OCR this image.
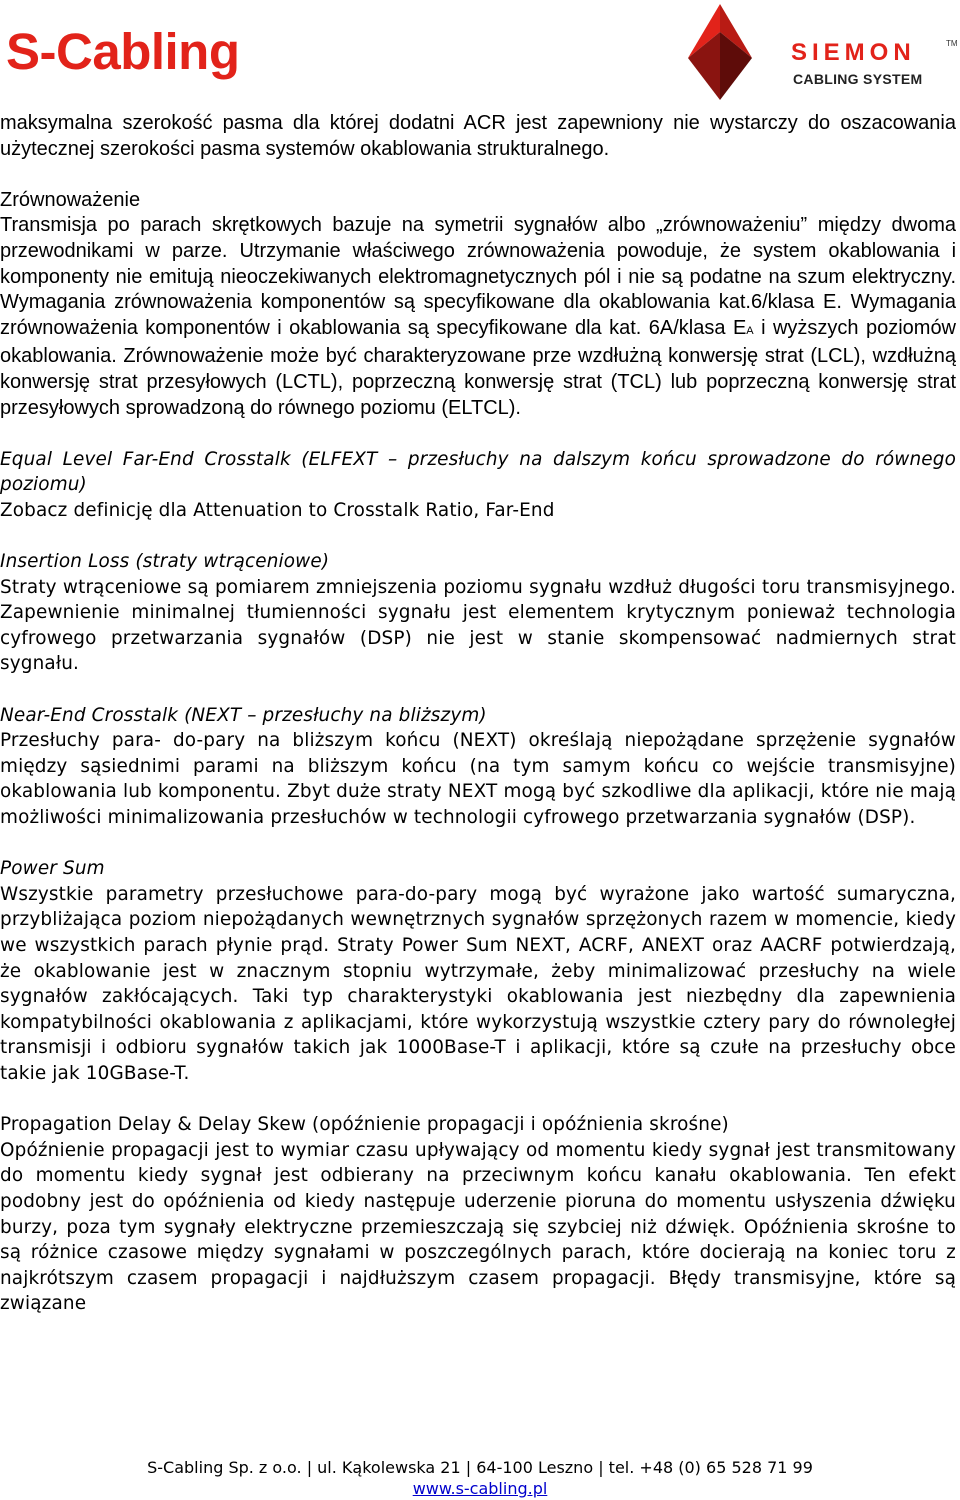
S-Cabling	SIEMON	TM
CABLING SYSTEM

maksymalna szerokość pasma dla której dodatni ACR jest zapewniony nie wystarczy do oszacowania użytecznej szerokości pasma systemów okablowania strukturalnego.

Zrównoważenie

Transmisja po parach skrętkowych bazuje na symetrii sygnałów albo „zrównoważeniu” między dwoma przewodnikami w parze. Utrzymanie właściwego zrównoważenia powoduje, że system okablowania i komponenty nie emitują nieoczekiwanych elektromagnetycznych pól i nie są podatne na szum elektryczny. Wymagania zrównoważenia komponentów są specyfikowane dla okablowania kat.6/klasa E. Wymagania zrównoważenia komponentów i okablowania są specyfikowane dla kat. 6A/klasa EA i wyższych poziomów okablowania. Zrównoważenie może być charakteryzowane prze wzdłużną konwersję strat (LCL), wzdłużną konwersję strat przesyłowych (LCTL), poprzeczną konwersję strat (TCL) lub poprzeczną konwersję strat przesyłowych sprowadzoną do równego poziomu (ELTCL).

Equal Level Far-End Crosstalk (ELFEXT – przesłuchy na dalszym końcu sprowadzone do równego poziomu)

Zobacz definicję dla Attenuation to Crosstalk Ratio, Far-End

Insertion Loss (straty wtrąceniowe)

Straty wtrąceniowe są pomiarem zmniejszenia poziomu sygnału wzdłuż długości toru transmisyjnego. Zapewnienie minimalnej tłumienności sygnału jest elementem krytycznym ponieważ technologia cyfrowego przetwarzania sygnałów (DSP) nie jest w stanie skompensować nadmiernych strat sygnału.

Near-End Crosstalk (NEXT – przesłuchy na bliższym)

Przesłuchy para- do-pary na bliższym końcu (NEXT) określają niepożądane sprzężenie sygnałów między sąsiednimi parami na bliższym końcu (na tym samym końcu co wejście transmisyjne) okablowania lub komponentu. Zbyt duże straty NEXT mogą być szkodliwe dla aplikacji, które nie mają możliwości minimalizowania przesłuchów w technologii cyfrowego przetwarzania sygnałów (DSP).

Power Sum

Wszystkie parametry przesłuchowe para-do-pary mogą być wyrażone jako wartość sumaryczna, przybliżająca poziom niepożądanych wewnętrznych sygnałów sprzężonych razem w momencie, kiedy we wszystkich parach płynie prąd. Straty Power Sum NEXT, ACRF, ANEXT oraz AACRF potwierdzają, że okablowanie jest w znacznym stopniu wytrzymałe, żeby minimalizować przesłuchy na wiele sygnałów zakłócających. Taki typ charakterystyki okablowania jest niezbędny dla zapewnienia kompatybilności okablowania z aplikacjami, które wykorzystują wszystkie cztery pary do równoległej transmisji i odbioru sygnałów takich jak 1000Base-T i aplikacji, które są czułe na przesłuchy obce takie jak 10GBase-T.

Propagation Delay & Delay Skew (opóźnienie propagacji i opóźnienia skrośne)

Opóźnienie propagacji jest to wymiar czasu upływający od momentu kiedy sygnał jest transmitowany do momentu kiedy sygnał jest odbierany na przeciwnym końcu kanału okablowania. Ten efekt podobny jest do opóźnienia od kiedy następuje uderzenie pioruna do momentu usłyszenia dźwięku burzy, poza tym sygnały elektryczne przemieszczają się szybciej niż dźwięk. Opóźnienia skrośne to są różnice czasowe między sygnałami w poszczególnych parach, które docierają na koniec toru z najkrótszym czasem propagacji i najdłuższym czasem propagacji. Błędy transmisyjne, które są związane

S-Cabling Sp. z o.o. | ul. Kąkolewska 21 | 64-100 Leszno | tel. +48 (0) 65 528 71 99
www.s-cabling.pl
